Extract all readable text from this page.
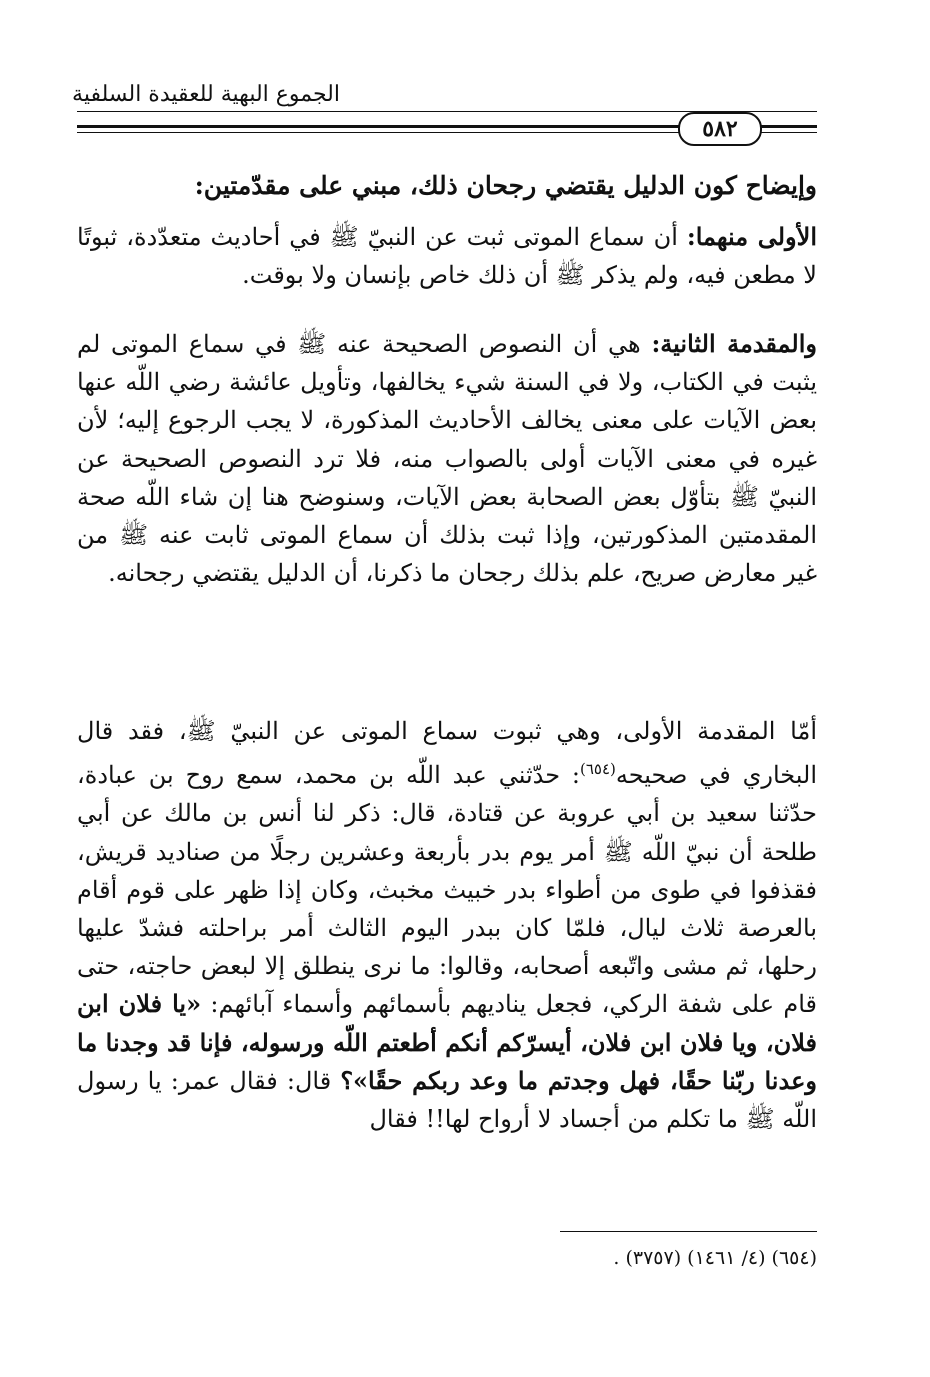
الجموع البهية للعقيدة السلفية
٥٨٢

وإيضاح كون الدليل يقتضي رجحان ذلك، مبني على مقدّمتين:

الأولى منهما: أن سماع الموتى ثبت عن النبيّ ﷺ في أحاديث متعدّدة، ثبوتًا لا مطعن فيه، ولم يذكر ﷺ أن ذلك خاص بإنسان ولا بوقت.

والمقدمة الثانية: هي أن النصوص الصحيحة عنه ﷺ في سماع الموتى لم يثبت في الكتاب، ولا في السنة شيء يخالفها، وتأويل عائشة رضي اللّه عنها بعض الآيات على معنى يخالف الأحاديث المذكورة، لا يجب الرجوع إليه؛ لأن غيره في معنى الآيات أولى بالصواب منه، فلا ترد النصوص الصحيحة عن النبيّ ﷺ بتأوّل بعض الصحابة بعض الآيات، وسنوضح هنا إن شاء اللّه صحة المقدمتين المذكورتين، وإذا ثبت بذلك أن سماع الموتى ثابت عنه ﷺ من غير معارض صريح، علم بذلك رجحان ما ذكرنا، أن الدليل يقتضي رجحانه.

أمّا المقدمة الأولى، وهي ثبوت سماع الموتى عن النبيّ ﷺ، فقد قال البخاري في صحيحه$^{(٦٥٤)}$: حدّثني عبد اللّه بن محمد، سمع روح بن عبادة، حدّثنا سعيد بن أبي عروبة عن قتادة، قال: ذكر لنا أنس بن مالك عن أبي طلحة أن نبيّ اللّه ﷺ أمر يوم بدر بأربعة وعشرين رجلًا من صناديد قريش، فقذفوا في طوى من أطواء بدر خبيث مخبث، وكان إذا ظهر على قوم أقام بالعرصة ثلاث ليال، فلمّا كان ببدر اليوم الثالث أمر براحلته فشدّ عليها رحلها، ثم مشى واتّبعه أصحابه، وقالوا: ما نرى ينطلق إلا لبعض حاجته، حتى قام على شفة الركي، فجعل يناديهم بأسمائهم وأسماء آبائهم: «يا فلان ابن فلان، ويا فلان ابن فلان، أيسرّكم أنكم أطعتم اللّه ورسوله، فإنا قد وجدنا ما وعدنا ربّنا حقًا، فهل وجدتم ما وعد ربكم حقًا»؟ قال: فقال عمر: يا رسول اللّه ﷺ ما تكلم من أجساد لا أرواح لها!! فقال

(٦٥٤) (٤/ ١٤٦١) (٣٧٥٧) .
